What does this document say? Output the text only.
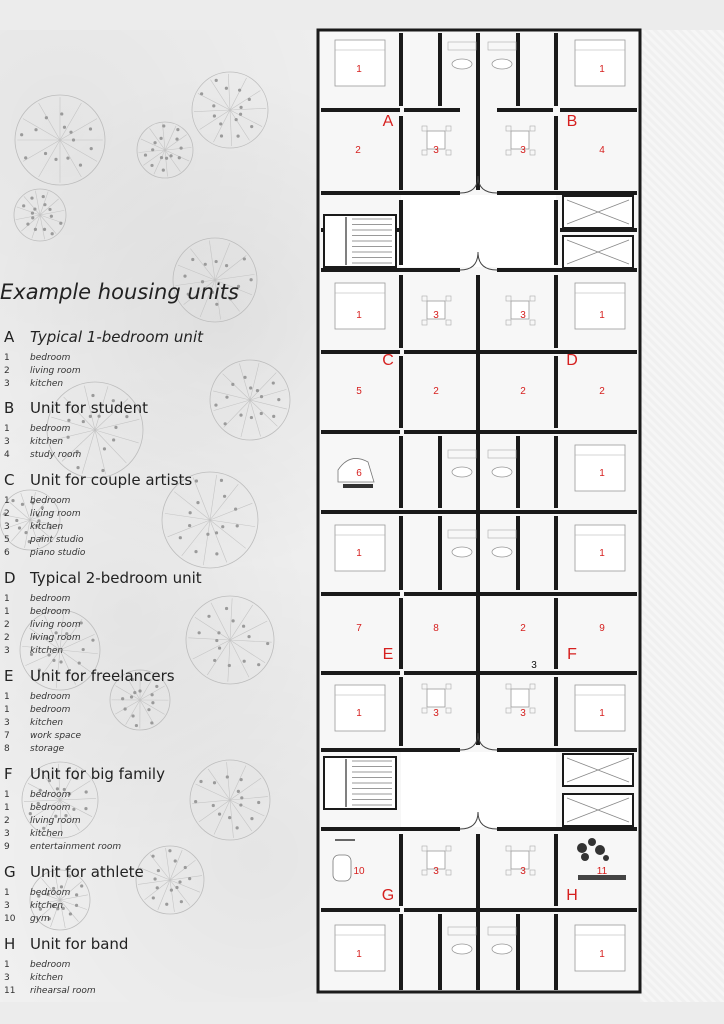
Example housing units
A Typical 1-bedroom unit
1 bedroom
2 living room
3 kitchen
B Unit for student
1 bedroom
3 kitchen
4 study room
C Unit for couple artists
1 bedroom
2 living room
3 kitchen
5 paint studio
6 piano studio
D Typical 2-bedroom unit
1 bedroom
1 bedroom
2 living room
2 living room
3 kitchen
E Unit for freelancers
1 bedroom
1 bedroom
3 kitchen
7 work space
8 storage
F Unit for big family
1 bedroom
1 bedroom
2 living room
3 kitchen
9 entertainment room
G Unit for athlete
1 bedroom
3 kitchen
10 gym
H Unit for band
1 bedroom
3 kitchen
11 rihearsal room
A	B
C	D
E	F
G	H
1	1
2	3	3	4
1	3	3	1
5	2	2	2
6	1
1	1
7	8	2	9
3
1	3	3	1
10	3	3	11
1	1
